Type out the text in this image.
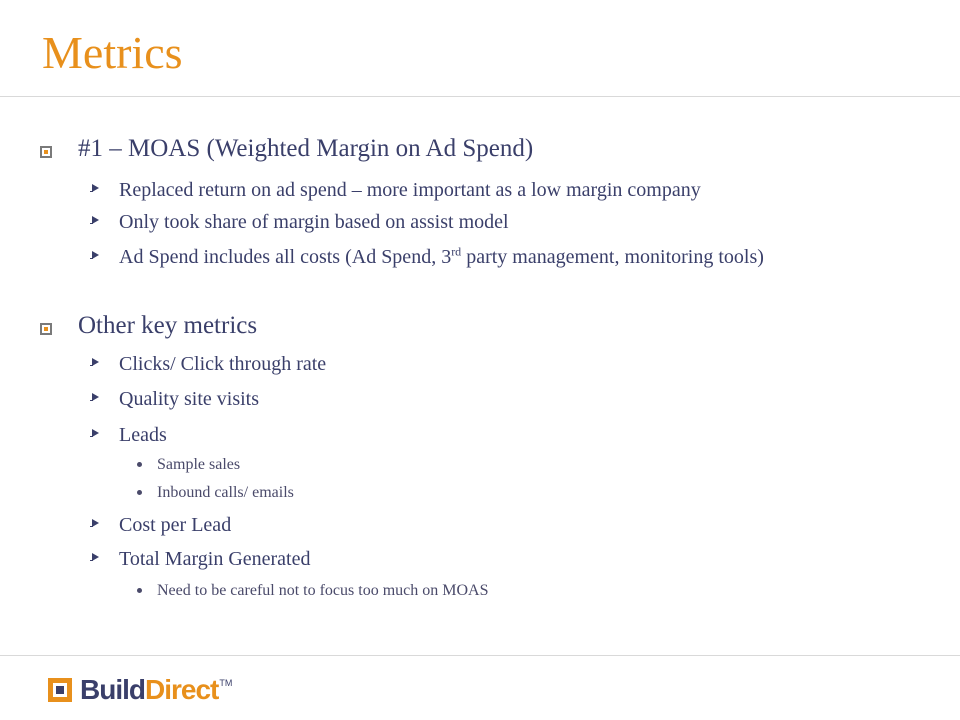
Metrics
#1 – MOAS (Weighted Margin on Ad Spend)
Replaced return on ad spend – more important as a low margin company
Only took share of margin based on assist model
Ad Spend includes all costs (Ad Spend, 3rd party management, monitoring tools)
Other key metrics
Clicks/ Click through rate
Quality site visits
Leads
Sample sales
Inbound calls/ emails
Cost per Lead
Total Margin Generated
Need to be careful not to focus too much on MOAS
Build Direct TM
